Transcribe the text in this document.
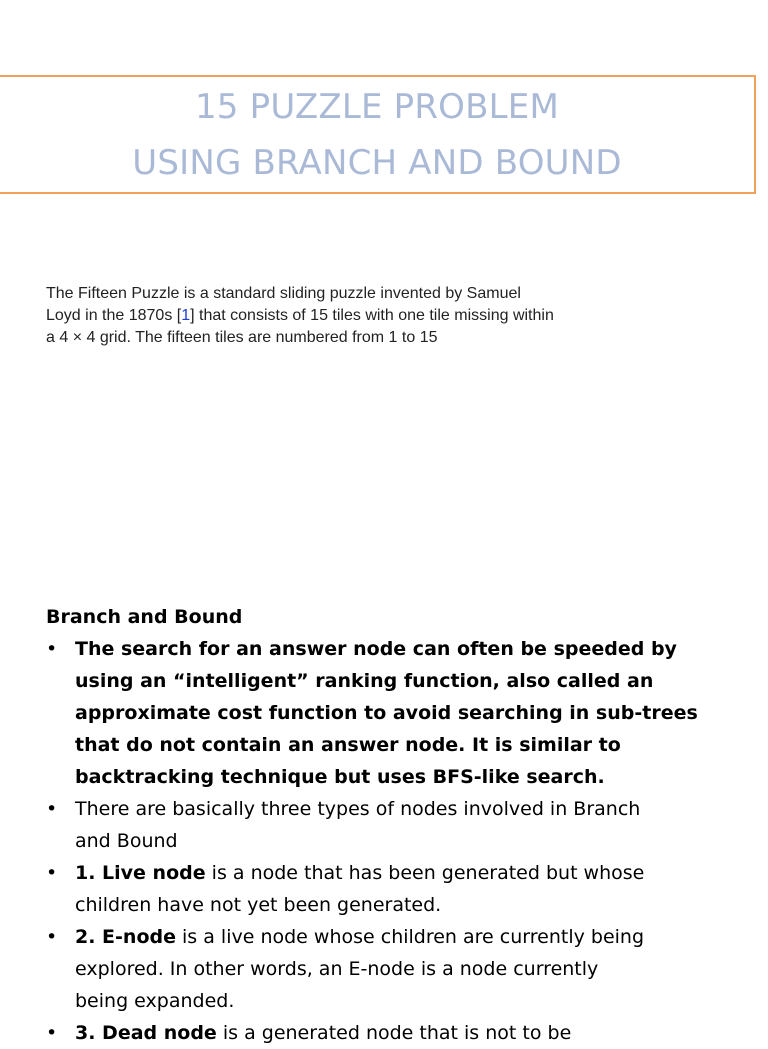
15 PUZZLE PROBLEM
USING BRANCH AND BOUND
The Fifteen Puzzle is a standard sliding puzzle invented by Samuel
Loyd in the 1870s [1] that consists of 15 tiles with one tile missing within
a 4 × 4 grid. The fifteen tiles are numbered from 1 to 15
Branch and Bound
• The search for an answer node can often be speeded by
using an “intelligent” ranking function, also called an
approximate cost function to avoid searching in sub-trees
that do not contain an answer node. It is similar to
backtracking technique but uses BFS-like search.
• There are basically three types of nodes involved in Branch
and Bound
• 1. Live node is a node that has been generated but whose
children have not yet been generated.
• 2. E-node is a live node whose children are currently being
explored. In other words, an E-node is a node currently
being expanded.
• 3. Dead node is a generated node that is not to be
